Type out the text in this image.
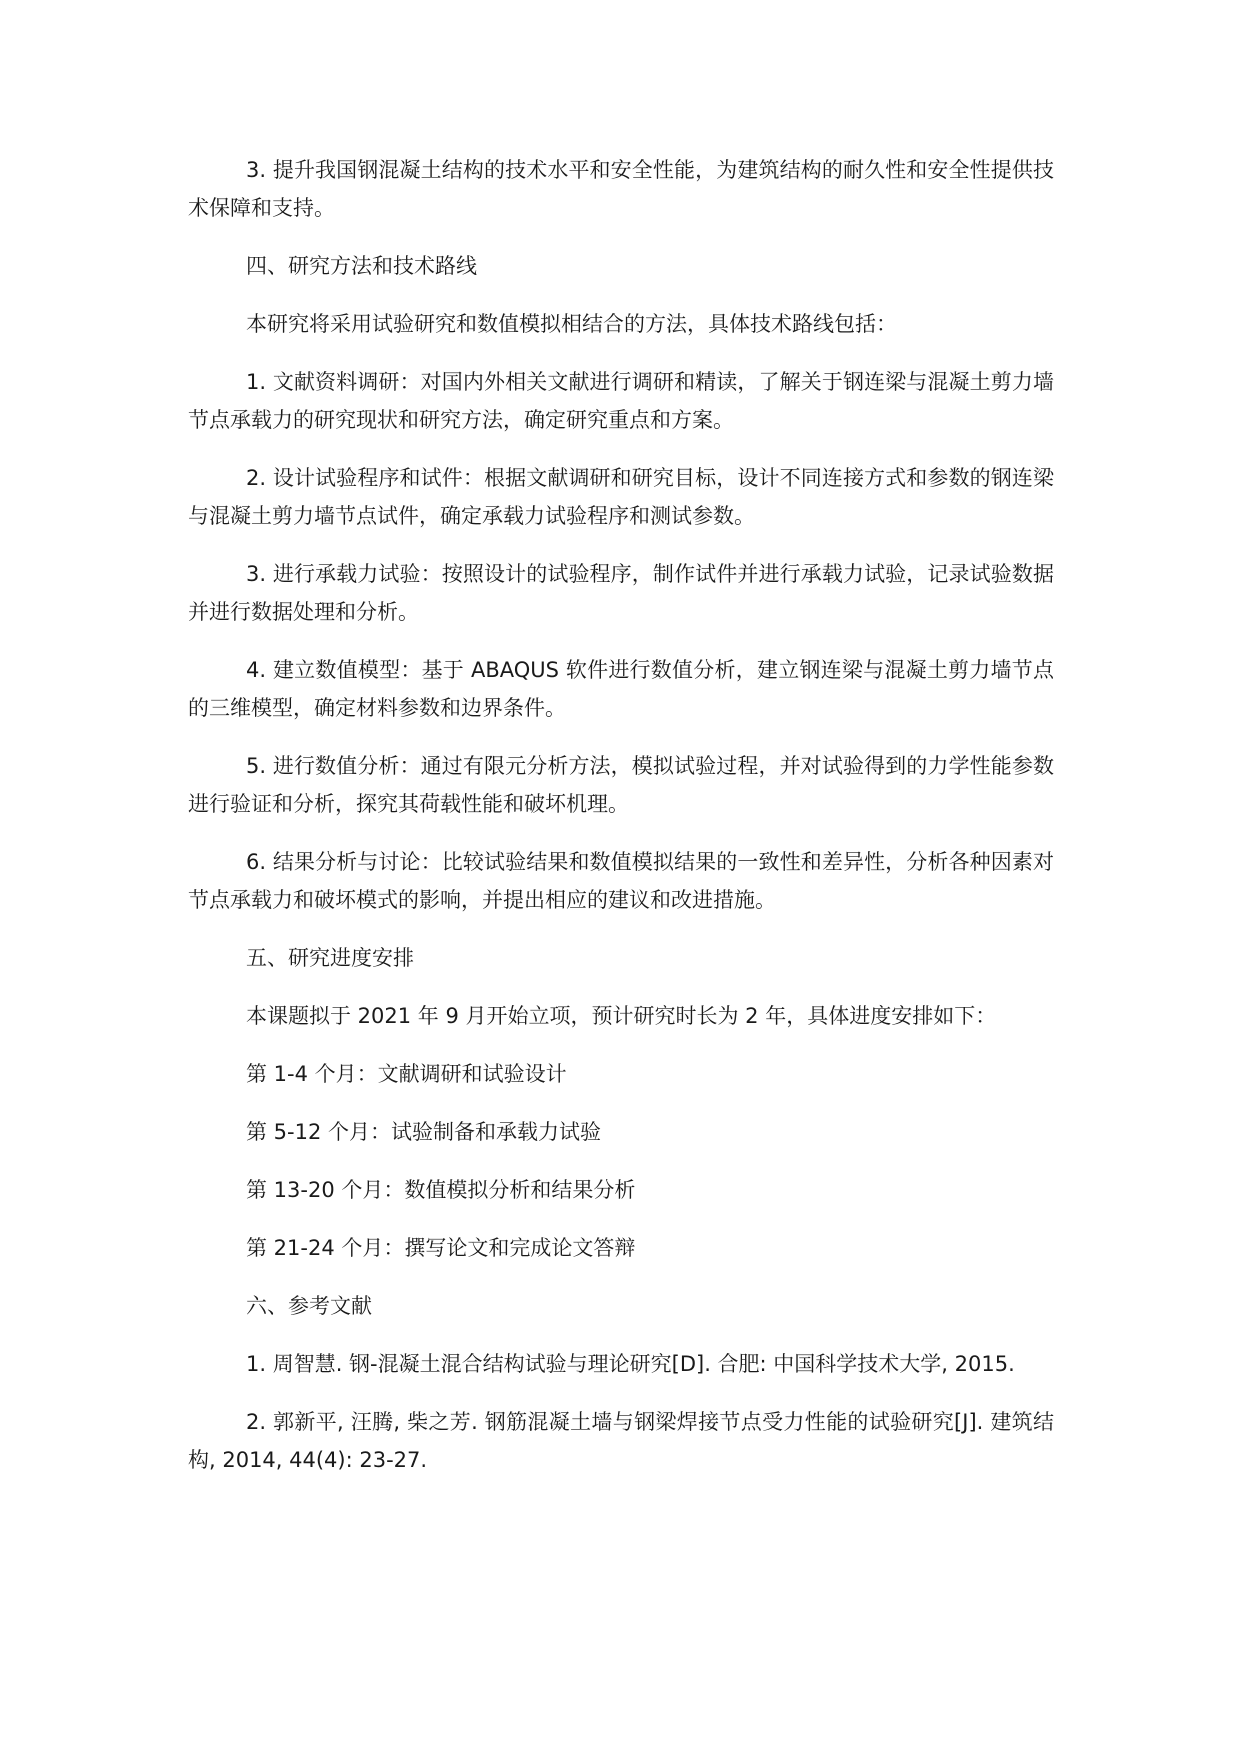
3. 提升我国钢混凝土结构的技术水平和安全性能，为建筑结构的耐久性和安全性提供技术保障和支持。

四、研究方法和技术路线

本研究将采用试验研究和数值模拟相结合的方法，具体技术路线包括：

1. 文献资料调研：对国内外相关文献进行调研和精读，了解关于钢连梁与混凝土剪力墙节点承载力的研究现状和研究方法，确定研究重点和方案。

2. 设计试验程序和试件：根据文献调研和研究目标，设计不同连接方式和参数的钢连梁与混凝土剪力墙节点试件，确定承载力试验程序和测试参数。

3. 进行承载力试验：按照设计的试验程序，制作试件并进行承载力试验，记录试验数据并进行数据处理和分析。

4. 建立数值模型：基于 ABAQUS 软件进行数值分析，建立钢连梁与混凝土剪力墙节点的三维模型，确定材料参数和边界条件。

5. 进行数值分析：通过有限元分析方法，模拟试验过程，并对试验得到的力学性能参数进行验证和分析，探究其荷载性能和破坏机理。

6. 结果分析与讨论：比较试验结果和数值模拟结果的一致性和差异性，分析各种因素对节点承载力和破坏模式的影响，并提出相应的建议和改进措施。

五、研究进度安排

本课题拟于 2021 年 9 月开始立项，预计研究时长为 2 年，具体进度安排如下：

第 1-4 个月：文献调研和试验设计

第 5-12 个月：试验制备和承载力试验

第 13-20 个月：数值模拟分析和结果分析

第 21-24 个月：撰写论文和完成论文答辩

六、参考文献

1. 周智慧. 钢-混凝土混合结构试验与理论研究[D]. 合肥: 中国科学技术大学, 2015.

2. 郭新平, 汪腾, 柴之芳. 钢筋混凝土墙与钢梁焊接节点受力性能的试验研究[J]. 建筑结构, 2014, 44(4): 23-27.
